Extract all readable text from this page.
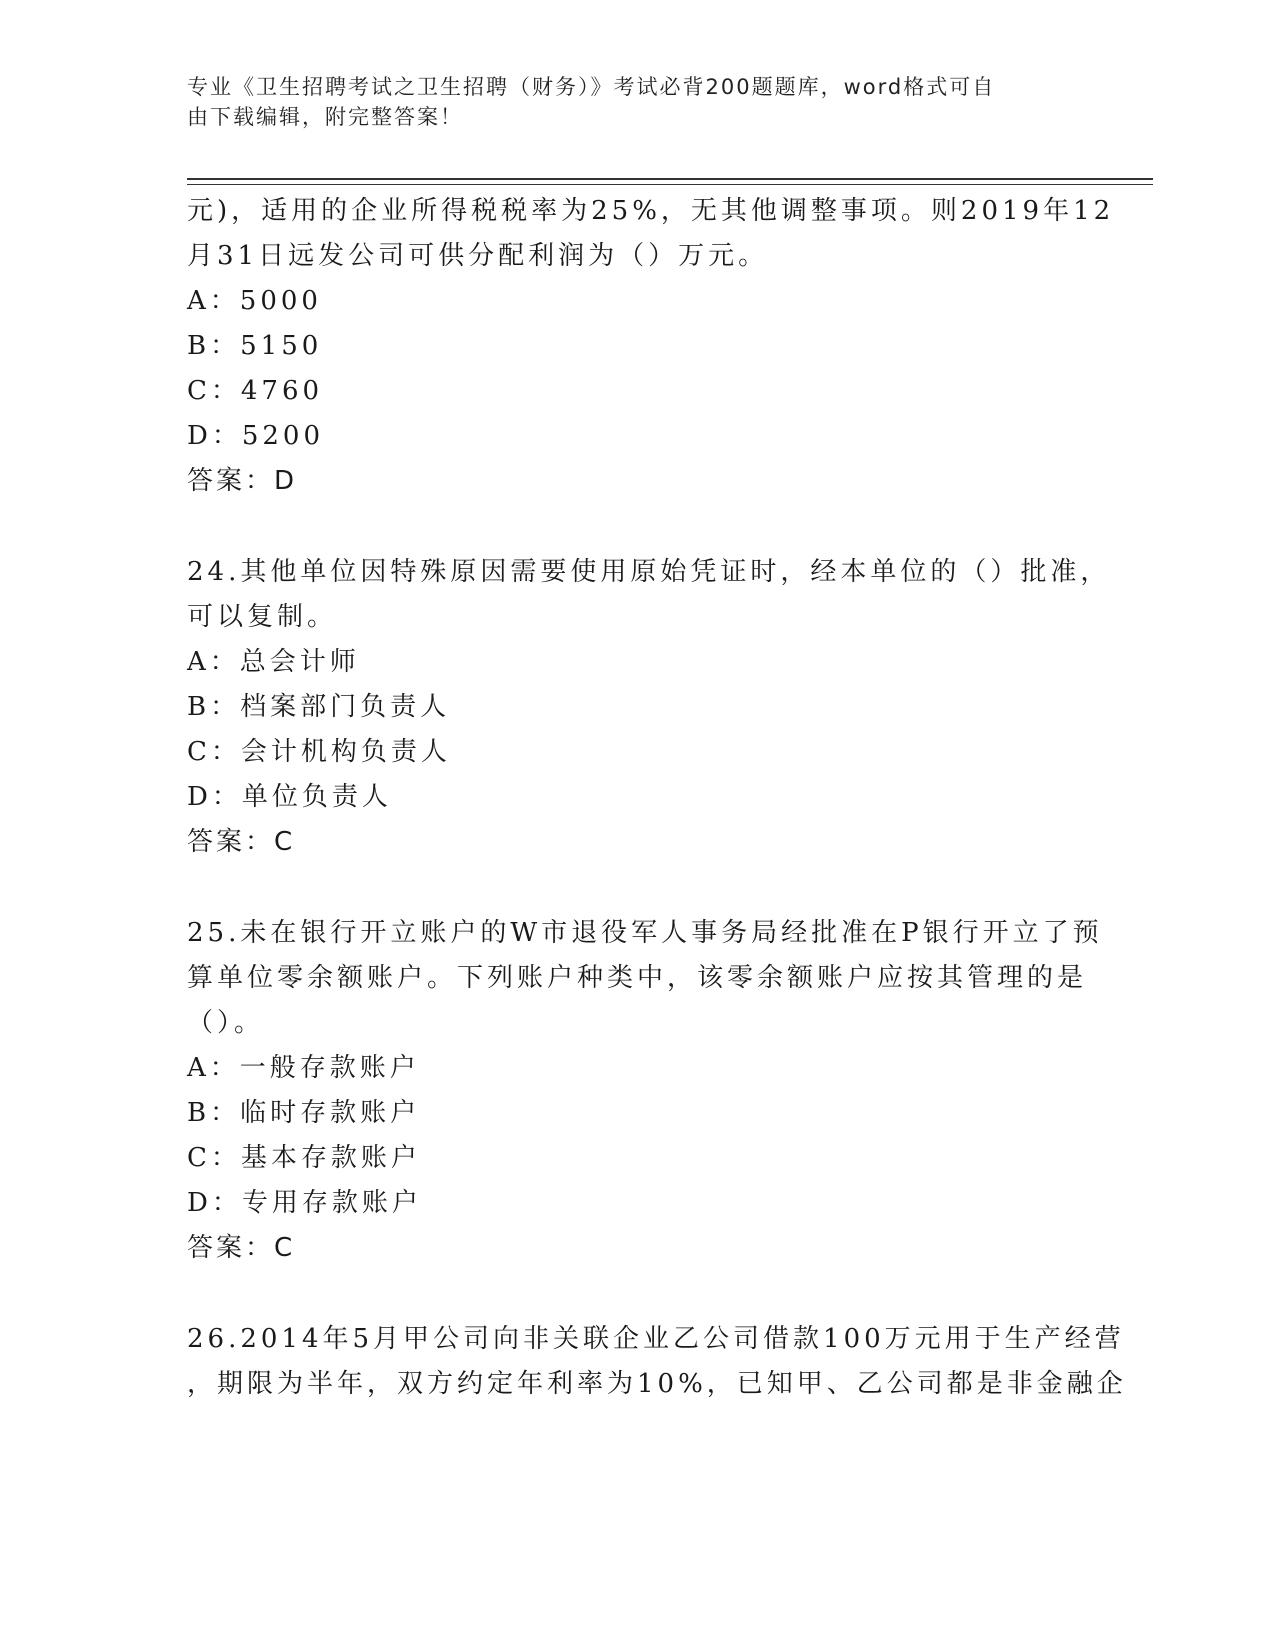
专业《卫生招聘考试之卫生招聘（财务）》考试必背200题题库，word格式可自
由下载编辑，附完整答案！
元)，适用的企业所得税税率为25%，无其他调整事项。则2019年12
月31日远发公司可供分配利润为（）万元。
A：5000
B：5150
C：4760
D：5200
答案：D
24.其他单位因特殊原因需要使用原始凭证时，经本单位的（）批准，
可以复制。
A：总会计师
B：档案部门负责人
C：会计机构负责人
D：单位负责人
答案：C
25.未在银行开立账户的W市退役军人事务局经批准在P银行开立了预
算单位零余额账户。下列账户种类中，该零余额账户应按其管理的是
（）。
A：一般存款账户
B：临时存款账户
C：基本存款账户
D：专用存款账户
答案：C
26.2014年5月甲公司向非关联企业乙公司借款100万元用于生产经营
，期限为半年，双方约定年利率为10%，已知甲、乙公司都是非金融企
